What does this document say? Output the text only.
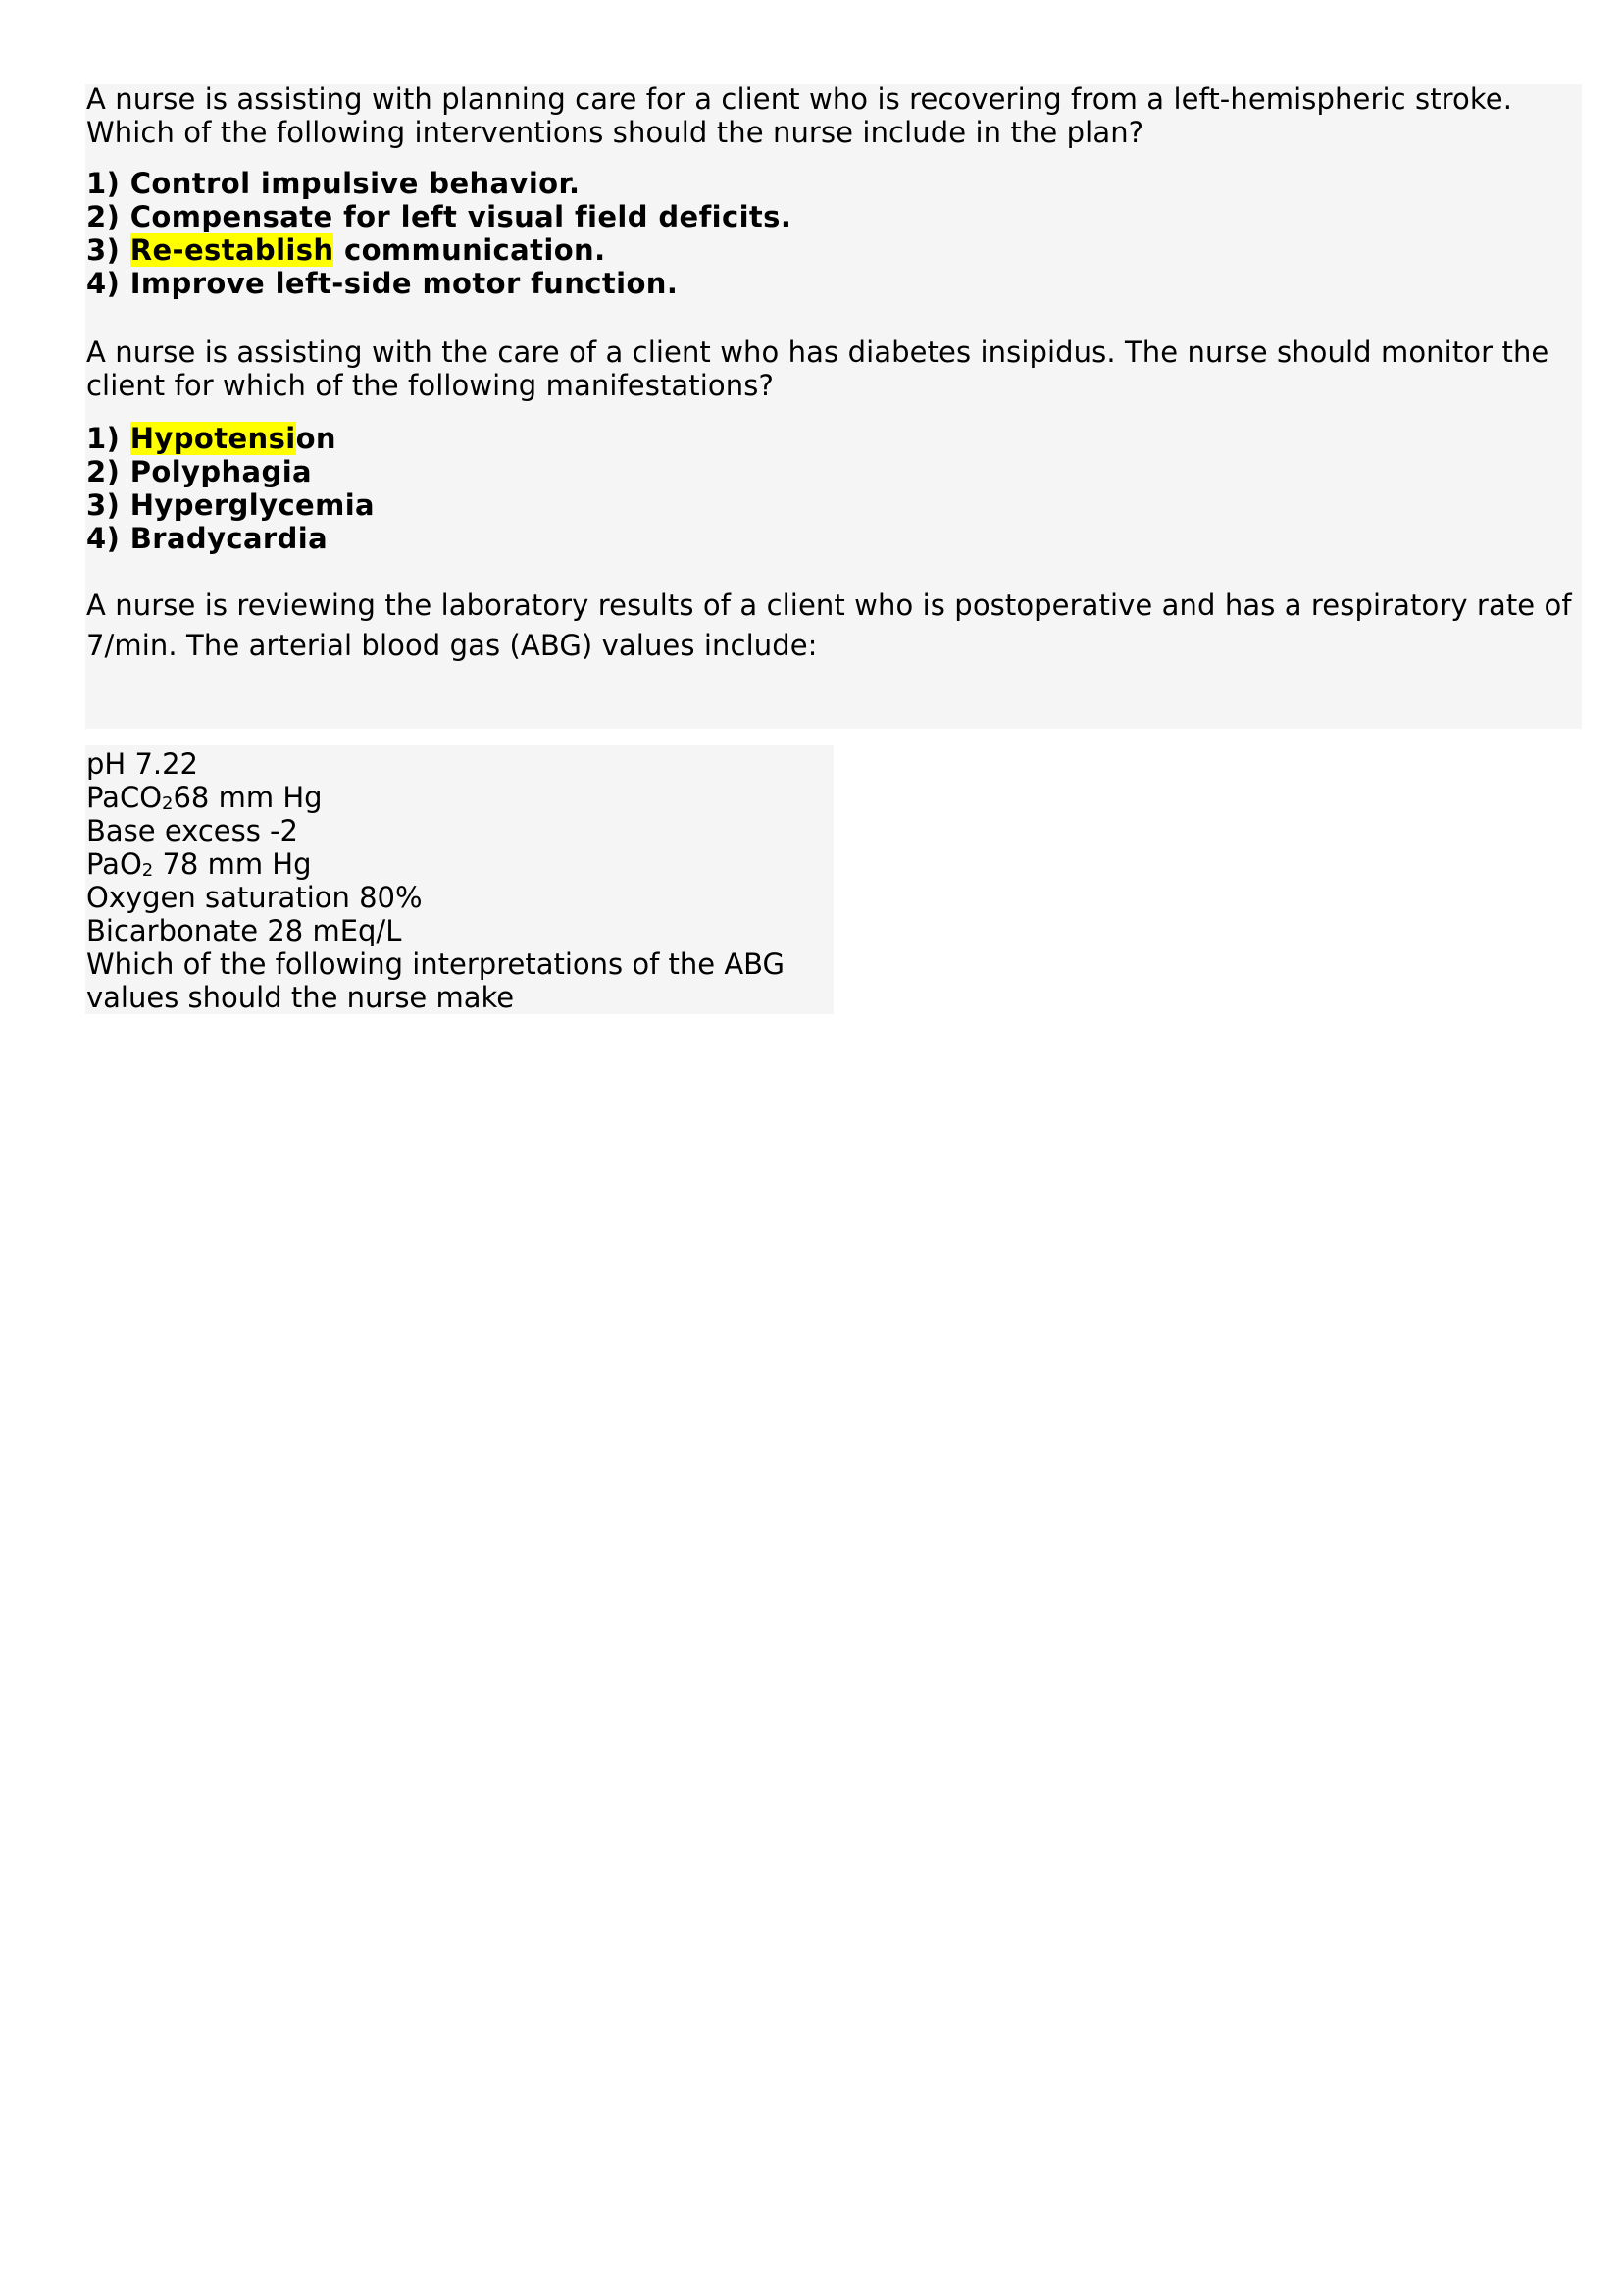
A nurse is assisting with planning care for a client who is recovering from a left-hemispheric stroke.
Which of the following interventions should the nurse include in the plan?
1) Control impulsive behavior.
2) Compensate for left visual field deficits.
3) Re-establish communication.
4) Improve left-side motor function.
A nurse is assisting with the care of a client who has diabetes insipidus. The nurse should monitor the
client for which of the following manifestations?
1) Hypotension
2) Polyphagia
3) Hyperglycemia
4) Bradycardia
A nurse is reviewing the laboratory results of a client who is postoperative and has a respiratory rate of
7/min. The arterial blood gas (ABG) values include:
pH 7.22
PaCO268 mm Hg
Base excess -2
PaO2 78 mm Hg
Oxygen saturation 80%
Bicarbonate 28 mEq/L
Which of the following interpretations of the ABG
values should the nurse make
